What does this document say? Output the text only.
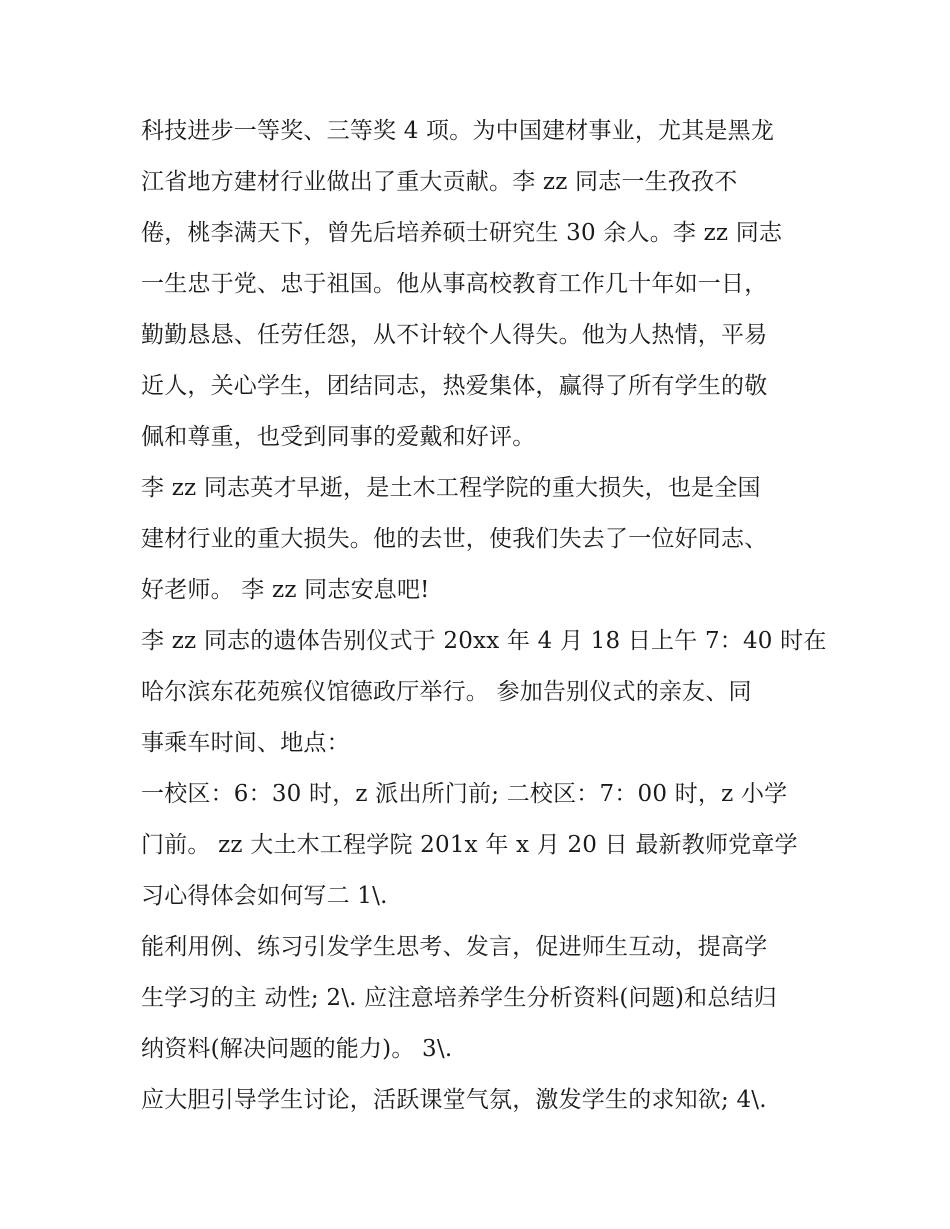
科技进步一等奖、三等奖 4 项。为中国建材事业，尤其是黑龙
江省地方建材行业做出了重大贡献。李 zz 同志一生孜孜不
倦，桃李满天下，曾先后培养硕士研究生 30 余人。李 zz 同志
一生忠于党、忠于祖国。他从事高校教育工作几十年如一日，
勤勤恳恳、任劳任怨，从不计较个人得失。他为人热情，平易
近人，关心学生，团结同志，热爱集体，赢得了所有学生的敬
佩和尊重，也受到同事的爱戴和好评。
李 zz 同志英才早逝，是土木工程学院的重大损失，也是全国
建材行业的重大损失。他的去世，使我们失去了一位好同志、
好老师。 李 zz 同志安息吧!
李 zz 同志的遗体告别仪式于 20xx 年 4 月 18 日上午 7：40 时在
哈尔滨东花苑殡仪馆德政厅举行。 参加告别仪式的亲友、同
事乘车时间、地点：
一校区：6：30 时，z 派出所门前; 二校区：7：00 时，z 小学
门前。 zz 大土木工程学院 201x 年 x 月 20 日 最新教师党章学
习心得体会如何写二 1\.
能利用例、练习引发学生思考、发言，促进师生互动，提高学
生学习的主 动性; 2\. 应注意培养学生分析资料(问题)和总结归
纳资料(解决问题的能力)。 3\.
应大胆引导学生讨论，活跃课堂气氛，激发学生的求知欲; 4\.
